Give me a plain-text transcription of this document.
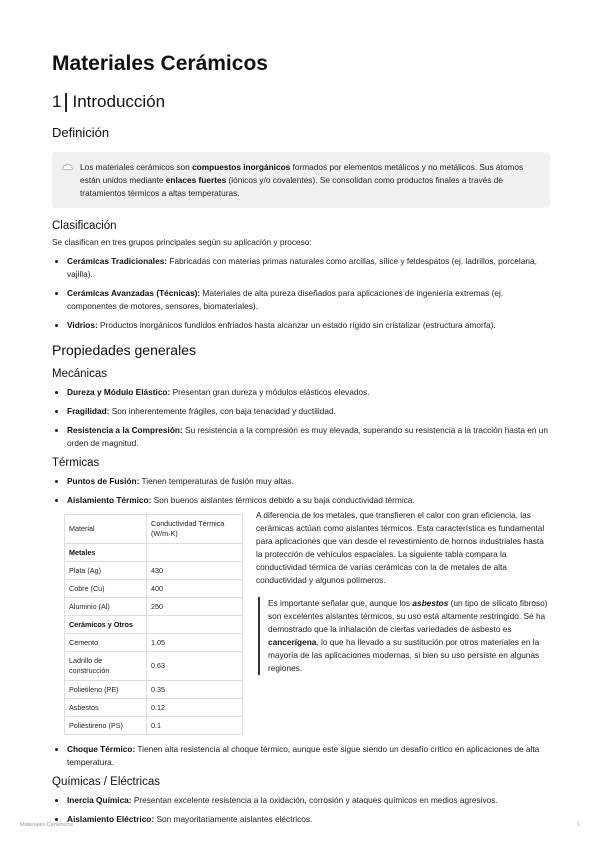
Materiales Cerámicos
1 Introducción
Definición

Los materiales cerámicos son compuestos inorgánicos formados por elementos metálicos y no metálicos. Sus átomos están unidos mediante enlaces fuertes (iónicos y/o covalentes). Se consolidan como productos finales a través de tratamientos térmicos a altas temperaturas.

Clasificación

Se clasifican en tres grupos principales según su aplicación y proceso:

• Cerámicas Tradicionales: Fabricadas con materias primas naturales como arcillas, sílice y feldespatos (ej. ladrillos, porcelana, vajilla).
• Cerámicas Avanzadas (Técnicas): Materiales de alta pureza diseñados para aplicaciones de ingeniería extremas (ej. componentes de motores, sensores, biomateriales).
• Vidrios: Productos inorgánicos fundidos enfriados hasta alcanzar un estado rígido sin cristalizar (estructura amorfa).
Propiedades generales
Mecánicas
• Dureza y Módulo Elástico: Presentan gran dureza y módulos elásticos elevados.
• Fragilidad: Son inherentemente frágiles, con baja tenacidad y ductilidad.
• Resistencia a la Compresión: Su resistencia a la compresión es muy elevada, superando su resistencia a la tracción hasta en un orden de magnitud.
Térmicas
• Puntos de Fusión: Tienen temperaturas de fusión muy altas.
• Aislamiento Térmico: Son buenos aislantes térmicos debido a su baja conductividad térmica.
Material	Conductividad Térmica (W/m·K)
Metales	
Plata (Ag)	430
Cobre (Cu)	400
Aluminio (Al)	250
Cerámicos y Otros	
Cemento	1.05
Ladrillo de construcción	0.63
Polietileno (PE)	0.35
Asbestos	0.12
Poliestireno (PS)	0.1

A diferencia de los metales, que transfieren el calor con gran eficiencia, las cerámicas actúan como aislantes térmicos. Esta característica es fundamental para aplicaciones que van desde el revestimiento de hornos industriales hasta la protección de vehículos espaciales. La siguiente tabla compara la conductividad térmica de varias cerámicas con la de metales de alta conductividad y algunos polímeros.

Es importante señalar que, aunque los asbestos (un tipo de silicato fibroso) son excelentes aislantes térmicos, su uso está altamente restringido. Se ha demostrado que la inhalación de ciertas variedades de asbesto es cancerígena, lo que ha llevado a su sustitución por otros materiales en la mayoría de las aplicaciones modernas, si bien su uso persiste en algunas regiones.

• Choque Térmico: Tienen alta resistencia al choque térmico, aunque este sigue siendo un desafío crítico en aplicaciones de alta temperatura.
Químicas / Eléctricas
• Inercia Química: Presentan excelente resistencia a la oxidación, corrosión y ataques químicos en medios agresivos.
• Aislamiento Eléctrico: Son mayoritariamente aislantes eléctricos.
Materiales Cerámicos	1
